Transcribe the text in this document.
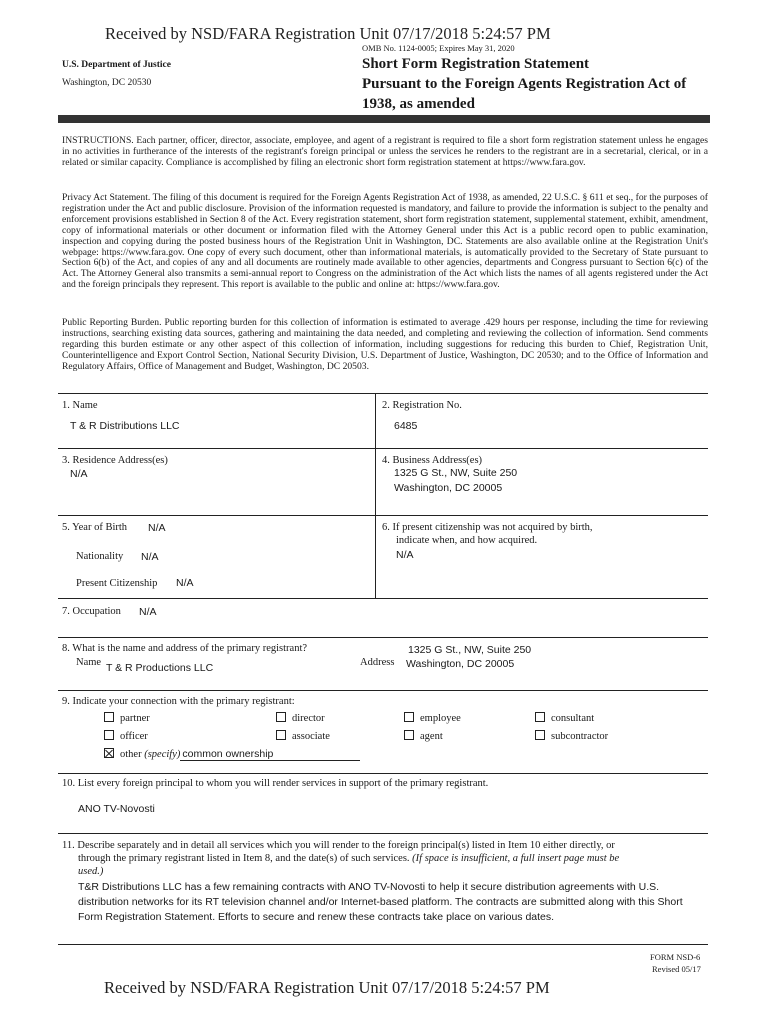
Received by NSD/FARA Registration Unit 07/17/2018 5:24:57 PM
OMB No. 1124-0005; Expires May 31, 2020
U.S. Department of Justice
Washington, DC 20530
Short Form Registration Statement
Pursuant to the Foreign Agents Registration Act of
1938, as amended
INSTRUCTIONS. Each partner, officer, director, associate, employee, and agent of a registrant is required to file a short form registration statement unless he engages in no activities in furtherance of the interests of the registrant's foreign principal or unless the services he renders to the registrant are in a secretarial, clerical, or in a related or similar capacity. Compliance is accomplished by filing an electronic short form registration statement at https://www.fara.gov.
Privacy Act Statement. The filing of this document is required for the Foreign Agents Registration Act of 1938, as amended, 22 U.S.C. § 611 et seq., for the purposes of registration under the Act and public disclosure. Provision of the information requested is mandatory, and failure to provide the information is subject to the penalty and enforcement provisions established in Section 8 of the Act. Every registration statement, short form registration statement, supplemental statement, exhibit, amendment, copy of informational materials or other document or information filed with the Attorney General under this Act is a public record open to public examination, inspection and copying during the posted business hours of the Registration Unit in Washington, DC. Statements are also available online at the Registration Unit's webpage: https://www.fara.gov. One copy of every such document, other than informational materials, is automatically provided to the Secretary of State pursuant to Section 6(b) of the Act, and copies of any and all documents are routinely made available to other agencies, departments and Congress pursuant to Section 6(c) of the Act. The Attorney General also transmits a semi-annual report to Congress on the administration of the Act which lists the names of all agents registered under the Act and the foreign principals they represent. This report is available to the public and online at: https://www.fara.gov.
Public Reporting Burden. Public reporting burden for this collection of information is estimated to average .429 hours per response, including the time for reviewing instructions, searching existing data sources, gathering and maintaining the data needed, and completing and reviewing the collection of information. Send comments regarding this burden estimate or any other aspect of this collection of information, including suggestions for reducing this burden to Chief, Registration Unit, Counterintelligence and Export Control Section, National Security Division, U.S. Department of Justice, Washington, DC 20530; and to the Office of Information and Regulatory Affairs, Office of Management and Budget, Washington, DC 20503.
1. Name
T & R Distributions LLC
2. Registration No.
6485
3. Residence Address(es)
N/A
4. Business Address(es)
1325 G St., NW, Suite 250
Washington, DC 20005
5. Year of Birth N/A
Nationality N/A
Present Citizenship N/A
6. If present citizenship was not acquired by birth,
indicate when, and how acquired.
N/A
7. Occupation N/A
8. What is the name and address of the primary registrant?
Name T & R Productions LLC	Address
1325 G St., NW, Suite 250
Washington, DC 20005
9. Indicate your connection with the primary registrant:
partner
officer
other (specify) common ownership
director
associate
employee
agent
consultant
subcontractor
10. List every foreign principal to whom you will render services in support of the primary registrant.
ANO TV-Novosti
11. Describe separately and in detail all services which you will render to the foreign principal(s) listed in Item 10 either directly, or
through the primary registrant listed in Item 8, and the date(s) of such services. (If space is insufficient, a full insert page must be
used.)
T&R Distributions LLC has a few remaining contracts with ANO TV-Novosti to help it secure distribution agreements with U.S. distribution networks for its RT television channel and/or Internet-based platform. The contracts are submitted along with this Short Form Registration Statement. Efforts to secure and renew these contracts take place on various dates.
FORM NSD-6
Revised 05/17
Received by NSD/FARA Registration Unit 07/17/2018 5:24:57 PM
